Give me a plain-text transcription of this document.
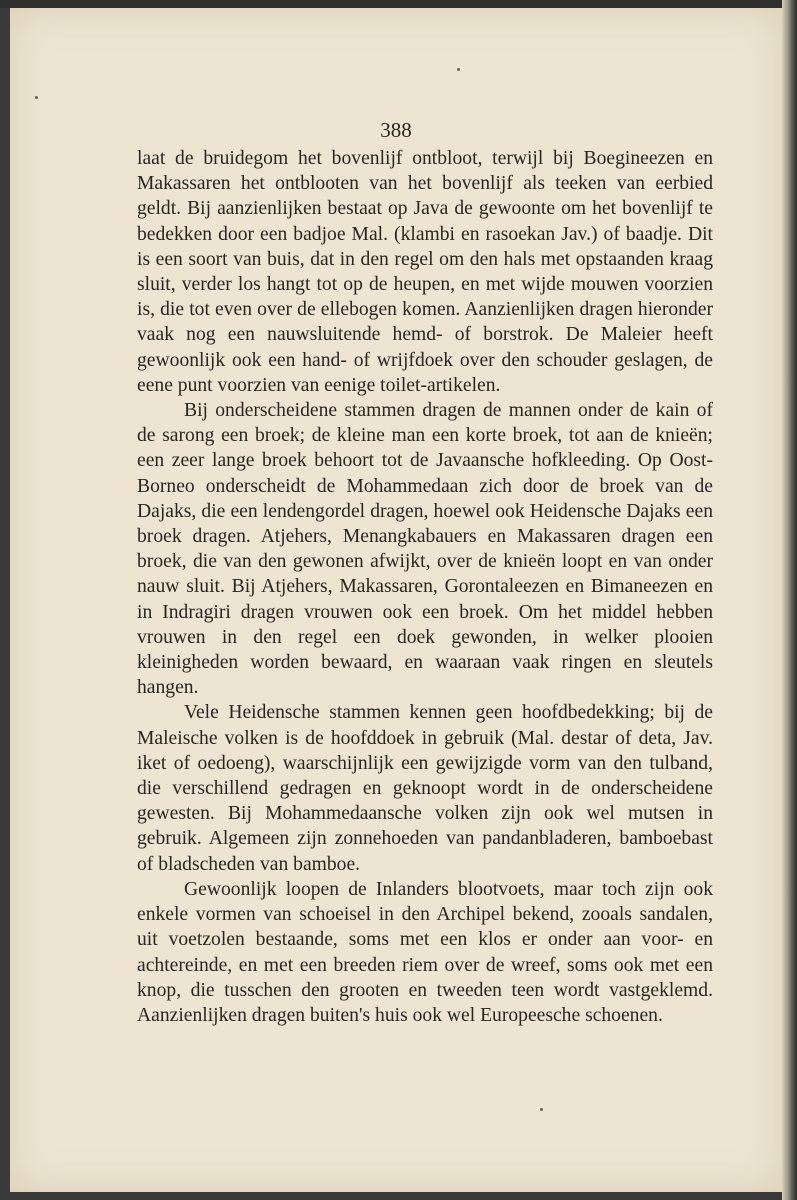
388

laat de bruidegom het bovenlijf ontbloot, terwijl bij Boegineezen en Makassaren het ontblooten van het bovenlijf als teeken van eerbied geldt. Bij aanzienlijken bestaat op Java de gewoonte om het bovenlijf te bedekken door een badjoe Mal. (klambi en rasoekan Jav.) of baadje. Dit is een soort van buis, dat in den regel om den hals met opstaanden kraag sluit, verder los hangt tot op de heupen, en met wijde mouwen voorzien is, die tot even over de ellebogen komen. Aanzienlijken dragen hieronder vaak nog een nauwsluitende hemd- of borstrok. De Maleier heeft gewoonlijk ook een hand- of wrijfdoek over den schouder geslagen, de eene punt voorzien van eenige toilet-artikelen.

Bij onderscheidene stammen dragen de mannen onder de kain of de sarong een broek; de kleine man een korte broek, tot aan de knieën; een zeer lange broek behoort tot de Javaansche hofkleeding. Op Oost-Borneo onderscheidt de Mohammedaan zich door de broek van de Dajaks, die een lendengordel dragen, hoewel ook Heidensche Dajaks een broek dragen. Atjehers, Menangkabauers en Makassaren dragen een broek, die van den gewonen afwijkt, over de knieën loopt en van onder nauw sluit. Bij Atjehers, Makassaren, Gorontaleezen en Bimaneezen en in Indragiri dragen vrouwen ook een broek. Om het middel hebben vrouwen in den regel een doek gewonden, in welker plooien kleinigheden worden bewaard, en waaraan vaak ringen en sleutels hangen.

Vele Heidensche stammen kennen geen hoofdbedekking; bij de Maleische volken is de hoofddoek in gebruik (Mal. destar of deta, Jav. iket of oedoeng), waarschijnlijk een gewijzigde vorm van den tulband, die verschillend gedragen en geknoopt wordt in de onderscheidene gewesten. Bij Mohammedaansche volken zijn ook wel mutsen in gebruik. Algemeen zijn zonnehoeden van pandanbladeren, bamboebast of bladscheden van bamboe.

Gewoonlijk loopen de Inlanders blootvoets, maar toch zijn ook enkele vormen van schoeisel in den Archipel bekend, zooals sandalen, uit voetzolen bestaande, soms met een klos er onder aan voor- en achtereinde, en met een breeden riem over de wreef, soms ook met een knop, die tusschen den grooten en tweeden teen wordt vastgeklemd. Aanzienlijken dragen buiten's huis ook wel Europeesche schoenen.
